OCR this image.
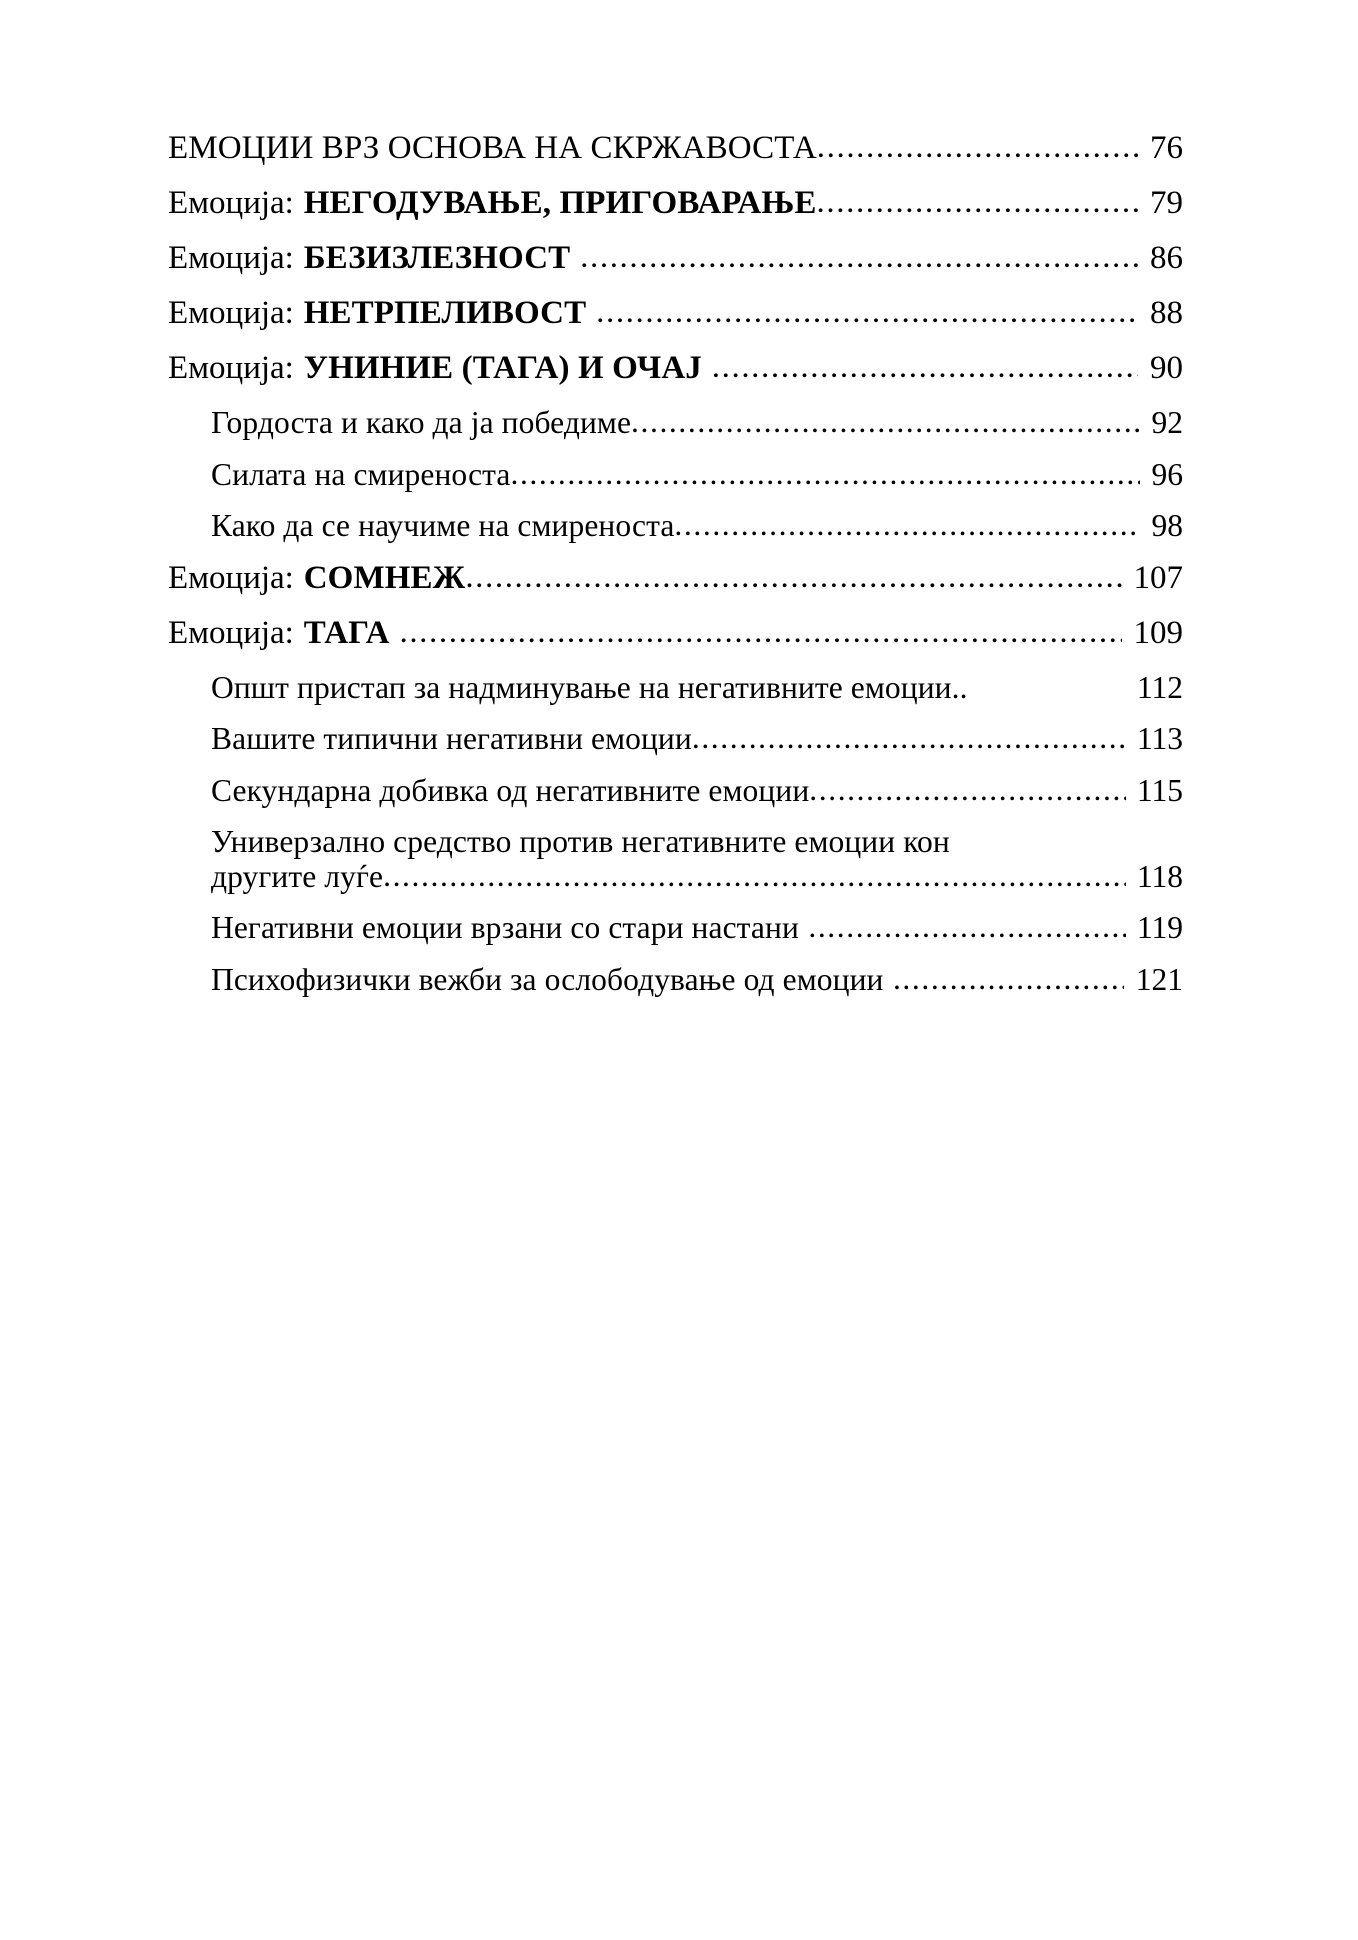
ЕМОЦИИ ВРЗ ОСНОВА НА СКРЖАВОСТА .....	76
Емоција: НЕГОДУВАЊЕ, ПРИГОВАРАЊЕ .....	79
Емоција: БЕЗИЗЛЕЗНОСТ .....	86
Емоција: НЕТРПЕЛИВОСТ .....	88
Емоција: УНИНИЕ (ТАГА) И ОЧАЈ .....	90
Гордоста и како да ја победиме .....	92
Силата на смиреноста .....	96
Како да се научиме на смиреноста .....	98
Емоција: СОМНЕЖ .....	107
Емоција: ТАГА .....	109
Општ пристап за надминување на негативните емоции..	112
Вашите типични негативни емоции .....	113
Секундарна добивка од негативните емоции .....	115
Универзално средство против негативните емоции кон
другите луѓе .....	118
Негативни емоции врзани со стари настани .....	119
Психофизички вежби за ослободување од емоции .....	121
